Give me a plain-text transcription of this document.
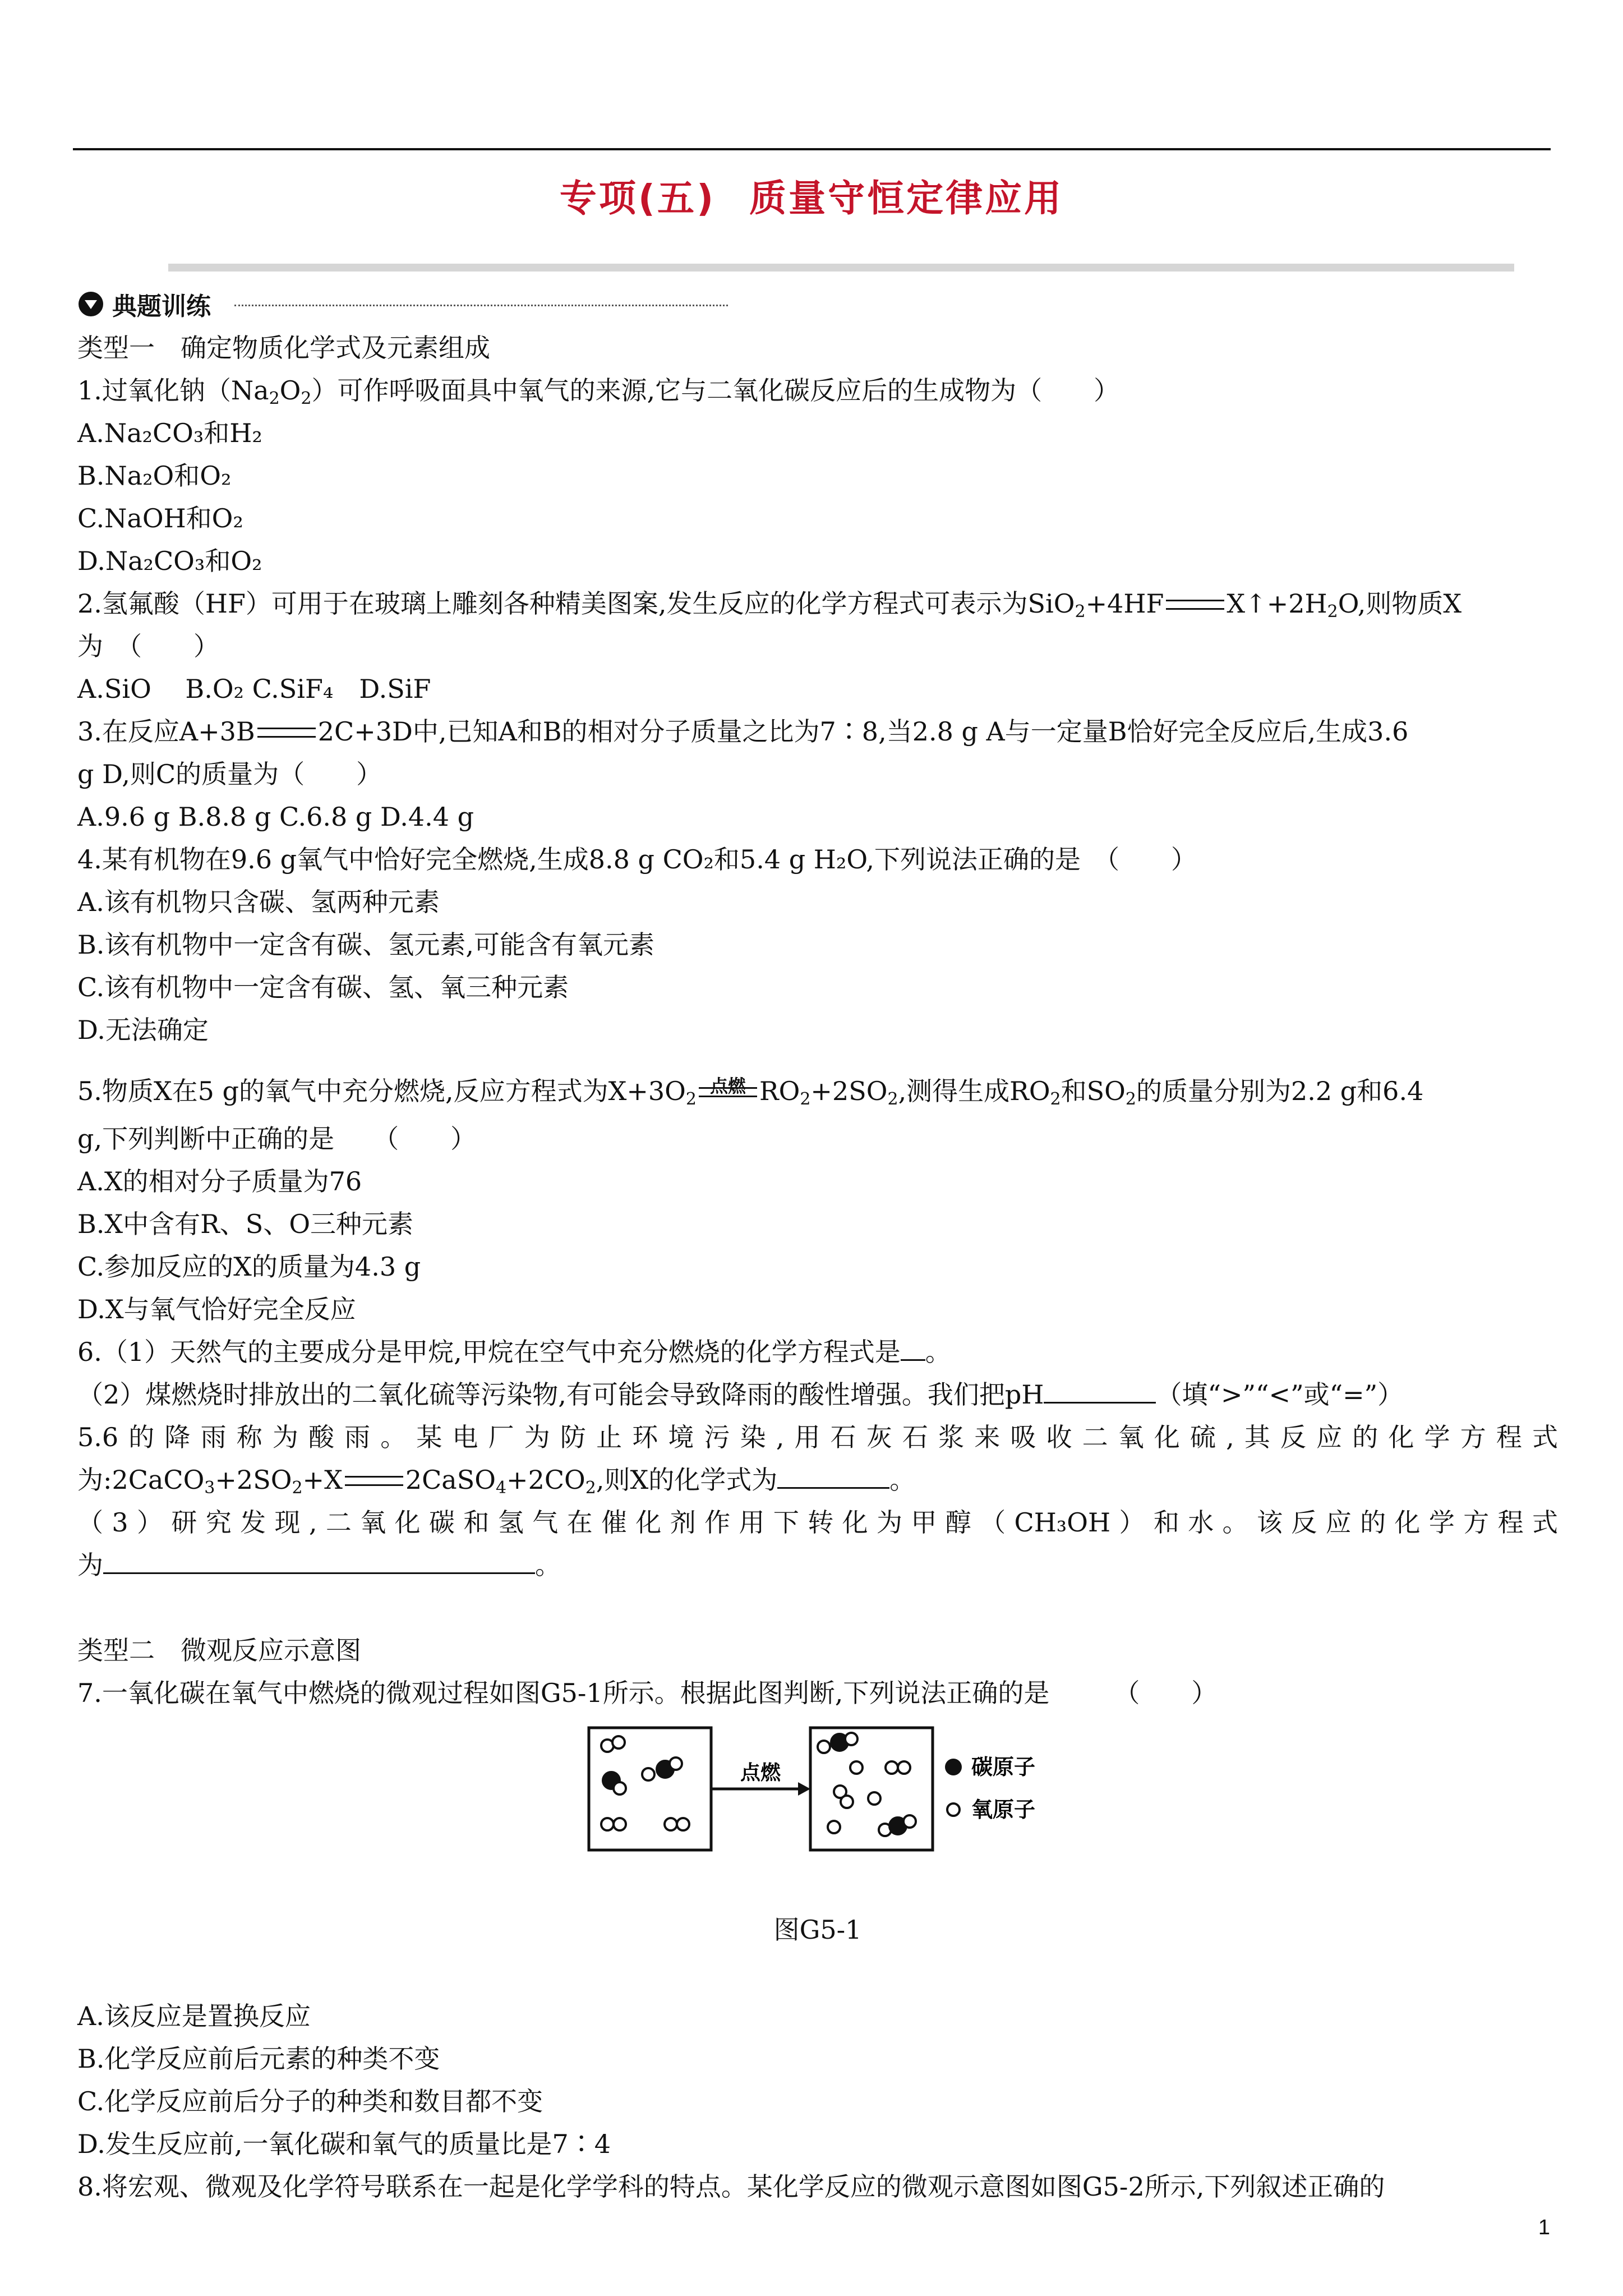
专项(五) 质量守恒定律应用
典题训练
类型一　确定物质化学式及元素组成
1.过氧化钠$(Na_2O_2)$可作呼吸面具中氧气的来源,它与二氧化碳反应后的生成物为（　　）
A.Na₂CO₃和H₂
B.Na₂O和O₂
C.NaOH和O₂
D.Na₂CO₃和O₂
2.氢氟酸（HF）可用于在玻璃上雕刻各种精美图案,发生反应的化学方程式可表示为SiO$_2$+4HF $X↑+2H_2O$,则物质X
为　（　　）
A.SiO　 B.O₂ C.SiF₄　D.SiF
3.在反应A+3B 2C+3D中,已知A和B的相对分子质量之比为7∶8,当2.8 g A与一定量B恰好完全反应后,生成3.6
g D,则C的质量为（　　）
A.9.6 g B.8.8 g C.6.8 g D.4.4 g
4.某有机物在9.6 g氧气中恰好完全燃烧,生成8.8 g CO₂和5.4 g H₂O,下列说法正确的是　（　　）
A.该有机物只含碳、氢两种元素
B.该有机物中一定含有碳、氢元素,可能含有氧元素
C.该有机物中一定含有碳、氢、氧三种元素
D.无法确定
5.物质X在5 g的氧气中充分燃烧,反应方程式为$X+3O_2$
点燃 $RO_2+2SO_2$,测得生成$RO_2$和$SO_2$的质量分别为2.2 g和6.4
g,下列判断中正确的是　　（　　）
A.X的相对分子质量为76
B.X中含有R、S、O三种元素
C.参加反应的X的质量为4.3 g
D.X与氧气恰好完全反应
6.（1）天然气的主要成分是甲烷,甲烷在空气中充分燃烧的化学方程式是 。
（2）煤燃烧时排放出的二氧化硫等污染物,有可能会导致降雨的酸性增强。我们把pH	（填“>”“<”或“=”）
5.6的降雨称为酸雨。某电厂为防止环境污染,用石灰石浆来吸收二氧化硫,其反应的化学方程式
为$:2CaCO_3+2SO_2+X$ $2CaSO_4+2CO_2$,则X的化学式为	。
（3）研究发现,二氧化碳和氢气在催化剂作用下转化为甲醇（CH₃OH）和水。该反应的化学方程式
为	。
类型二　微观反应示意图
7.一氧化碳在氧气中燃烧的微观过程如图G5-1所示。根据此图判断,下列说法正确的是　　　（　　）
点燃	碳原子
氧原子
图G5-1
A.该反应是置换反应
B.化学反应前后元素的种类不变
C.化学反应前后分子的种类和数目都不变
D.发生反应前,一氧化碳和氧气的质量比是7∶4
8.将宏观、微观及化学符号联系在一起是化学学科的特点。某化学反应的微观示意图如图G5-2所示,下列叙述正确的
1
